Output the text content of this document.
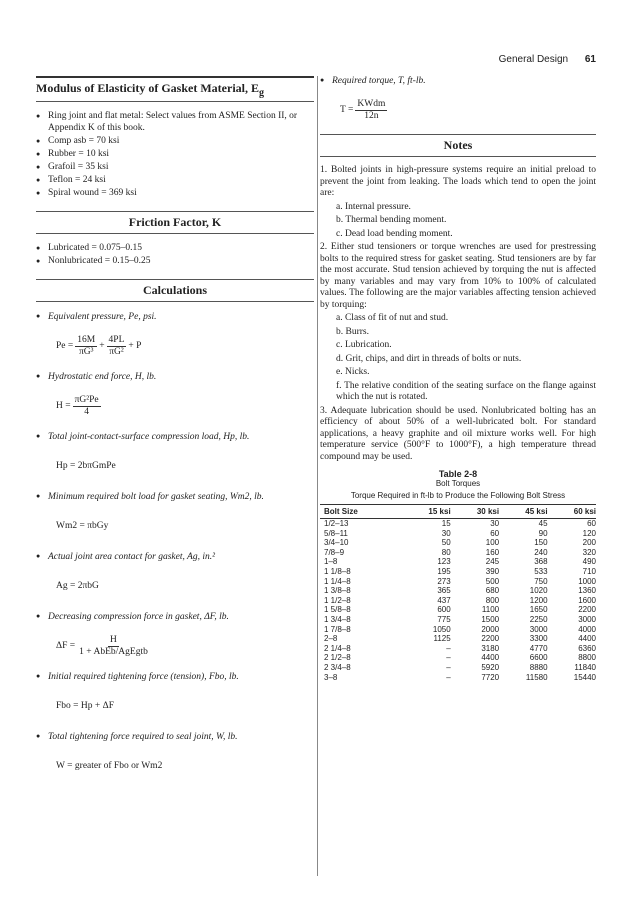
General Design 61
Modulus of Elasticity of Gasket Material, $E_g$
● Ring joint and flat metal: Select values from ASME Section II, or Appendix K of this book.
● Comp asb = 70 ksi
● Rubber = 10 ksi
● Grafoil = 35 ksi
● Teflon = 24 ksi
● Spiral wound = 369 ksi
Friction Factor, K
● Lubricated = 0.075–0.15
● Nonlubricated = 0.15–0.25
Calculations
● Equivalent pressure, Pe, psi.
$Pe = \frac{16M}{\text{πG³}} + \frac{4PL}{\text{πG²}} + P$
● Hydrostatic end force, H, lb.
$H = \frac{\text{πG²Pe}}{4}$
● Total joint-contact-surface compression load, Hp, lb.
Hp = 2bπGmPe
● Minimum required bolt load for gasket seating, Wm2, lb.
Wm2 = πbGy
● Actual joint area contact for gasket, Ag, in.²
Ag = 2πbG
● Decreasing compression force in gasket, ΔF, lb.
$\Delta F = \frac{H}{\text{1 + AbEb/AgEgtb}}$
● Initial required tightening force (tension), Fbo, lb.
Fbo = Hp + ΔF
● Total tightening force required to seal joint, W, lb.
W = greater of Fbo or Wm2
● Required torque, T, ft-lb.
$T = \frac{\text{KWdm}}{12n}$
Notes
1. Bolted joints in high-pressure systems require an initial preload to prevent the joint from leaking. The loads which tend to open the joint are:
a. Internal pressure.
b. Thermal bending moment.
c. Dead load bending moment.
2. Either stud tensioners or torque wrenches are used for prestressing bolts to the required stress for gasket seating. Stud tensioners are by far the most accurate. Stud tension achieved by torquing the nut is affected by many variables and may vary from 10% to 100% of calculated values. The following are the major variables affecting tension achieved by torquing:
a. Class of fit of nut and stud.
b. Burrs.
c. Lubrication.
d. Grit, chips, and dirt in threads of bolts or nuts.
e. Nicks.
f. The relative condition of the seating surface on the flange against which the nut is rotated.
3. Adequate lubrication should be used. Nonlubricated bolting has an efficiency of about 50% of a well-lubricated bolt. For standard applications, a heavy graphite and oil mixture works well. For high temperature service (500°F to 1000°F), a high temperature thread compound may be used.
Table 2-8
Bolt Torques
Torque Required in ft-lb to Produce the Following Bolt Stress
Bolt Size	15 ksi	30 ksi	45 ksi	60 ksi
1/2–13	15	30	45	60
5/8–11	30	60	90	120
3/4–10	50	100	150	200
7/8–9	80	160	240	320
1–8	123	245	368	490
1 1/8–8	195	390	533	710
1 1/4–8	273	500	750	1000
1 3/8–8	365	680	1020	1360
1 1/2–8	437	800	1200	1600
1 5/8–8	600	1100	1650	2200
1 3/4–8	775	1500	2250	3000
1 7/8–8	1050	2000	3000	4000
2–8	1125	2200	3300	4400
2 1/4–8	–	3180	4770	6360
2 1/2–8	–	4400	6600	8800
2 3/4–8	–	5920	8880	11840
3–8	–	7720	11580	15440
